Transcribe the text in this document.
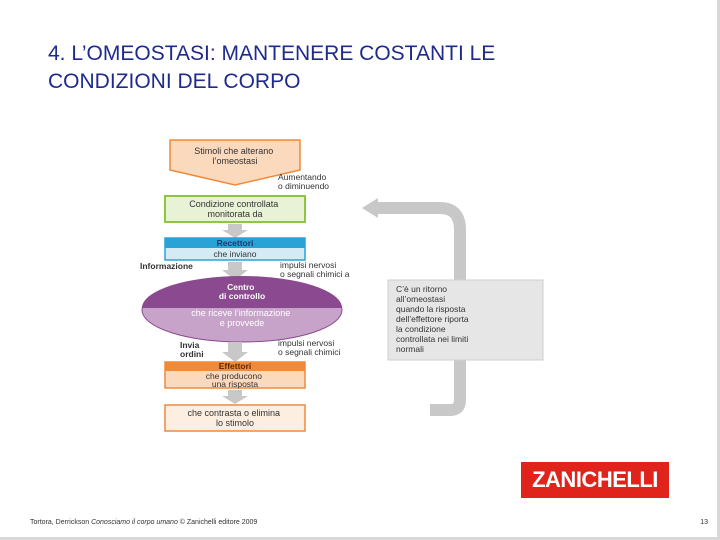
4. L’OMEOSTASI: MANTENERE COSTANTI LE
CONDIZIONI DEL CORPO
C’è un ritorno all’omeostasi quando la risposta dell’effettore riporta la condizione controllata nei limiti normali
Stimoli che alterano l’omeostasi
Aumentando o diminuendo
Condizione controllata monitorata da
Recettori
che inviano
Informazione	impulsi nervosi o segnali chimici a
Centro di controllo
che riceve l’informazione e provvede
Invia ordini
impulsi nervosi o segnali chimici
Effettori
che producono una risposta
che contrasta o elimina lo stimolo
ZANICHELLI
Tortora, Derrickson Conosciamo il corpo umano © Zanichelli editore 2009	13
